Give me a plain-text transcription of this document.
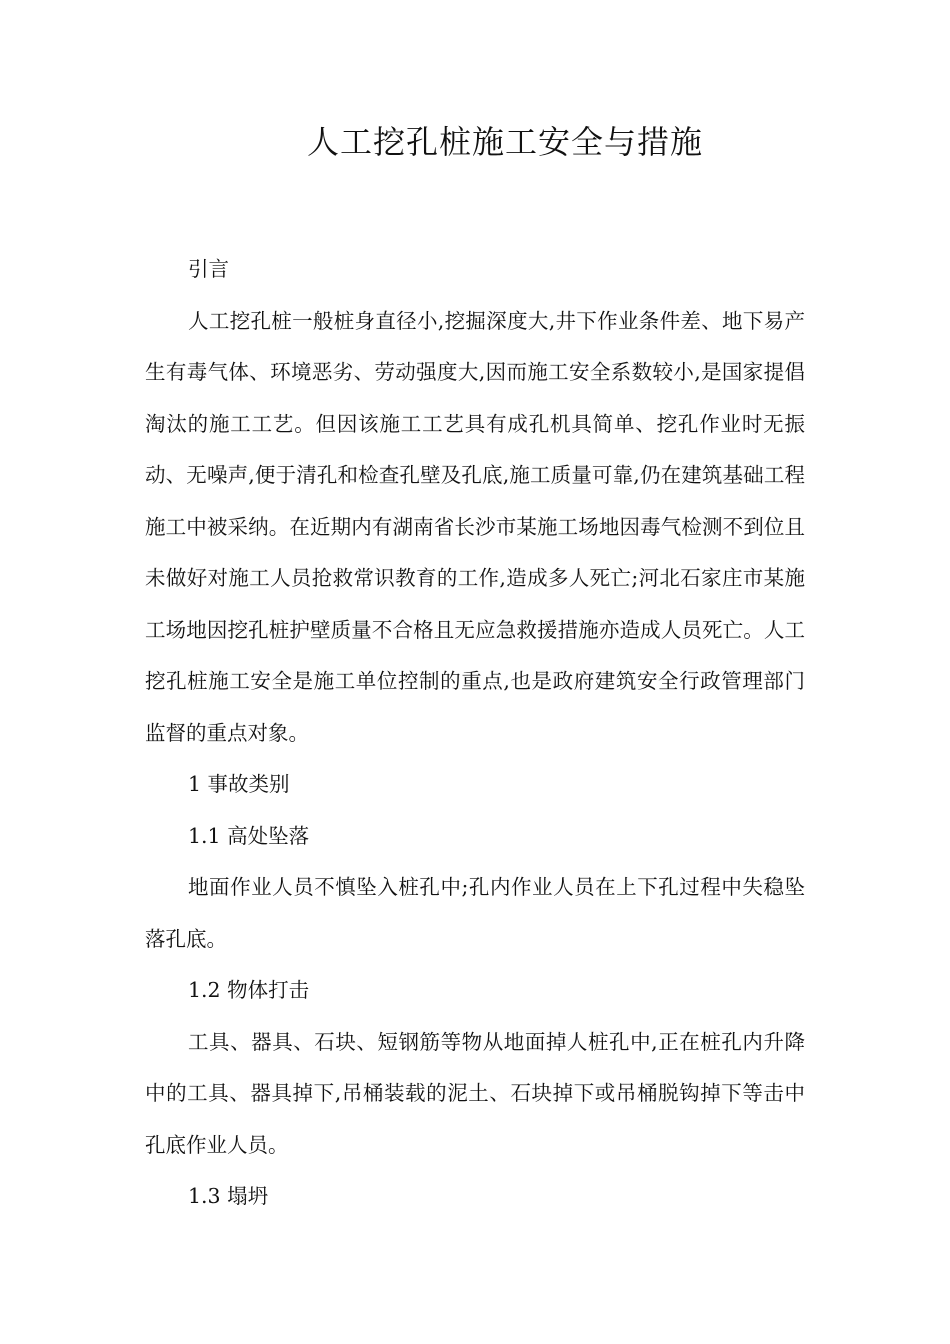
人工挖孔桩施工安全与措施

引言

人工挖孔桩一般桩身直径小,挖掘深度大,井下作业条件差、地下易产生有毒气体、环境恶劣、劳动强度大,因而施工安全系数较小,是国家提倡淘汰的施工工艺。但因该施工工艺具有成孔机具简单、挖孔作业时无振动、无噪声,便于清孔和检查孔壁及孔底,施工质量可靠,仍在建筑基础工程施工中被采纳。在近期内有湖南省长沙市某施工场地因毒气检测不到位且未做好对施工人员抢救常识教育的工作,造成多人死亡;河北石家庄市某施工场地因挖孔桩护壁质量不合格且无应急救援措施亦造成人员死亡。人工挖孔桩施工安全是施工单位控制的重点,也是政府建筑安全行政管理部门监督的重点对象。

1 事故类别

1.1 高处坠落

地面作业人员不慎坠入桩孔中;孔内作业人员在上下孔过程中失稳坠落孔底。

1.2 物体打击

工具、器具、石块、短钢筋等物从地面掉人桩孔中,正在桩孔内升降中的工具、器具掉下,吊桶装载的泥土、石块掉下或吊桶脱钩掉下等击中孔底作业人员。

1.3 塌坍
